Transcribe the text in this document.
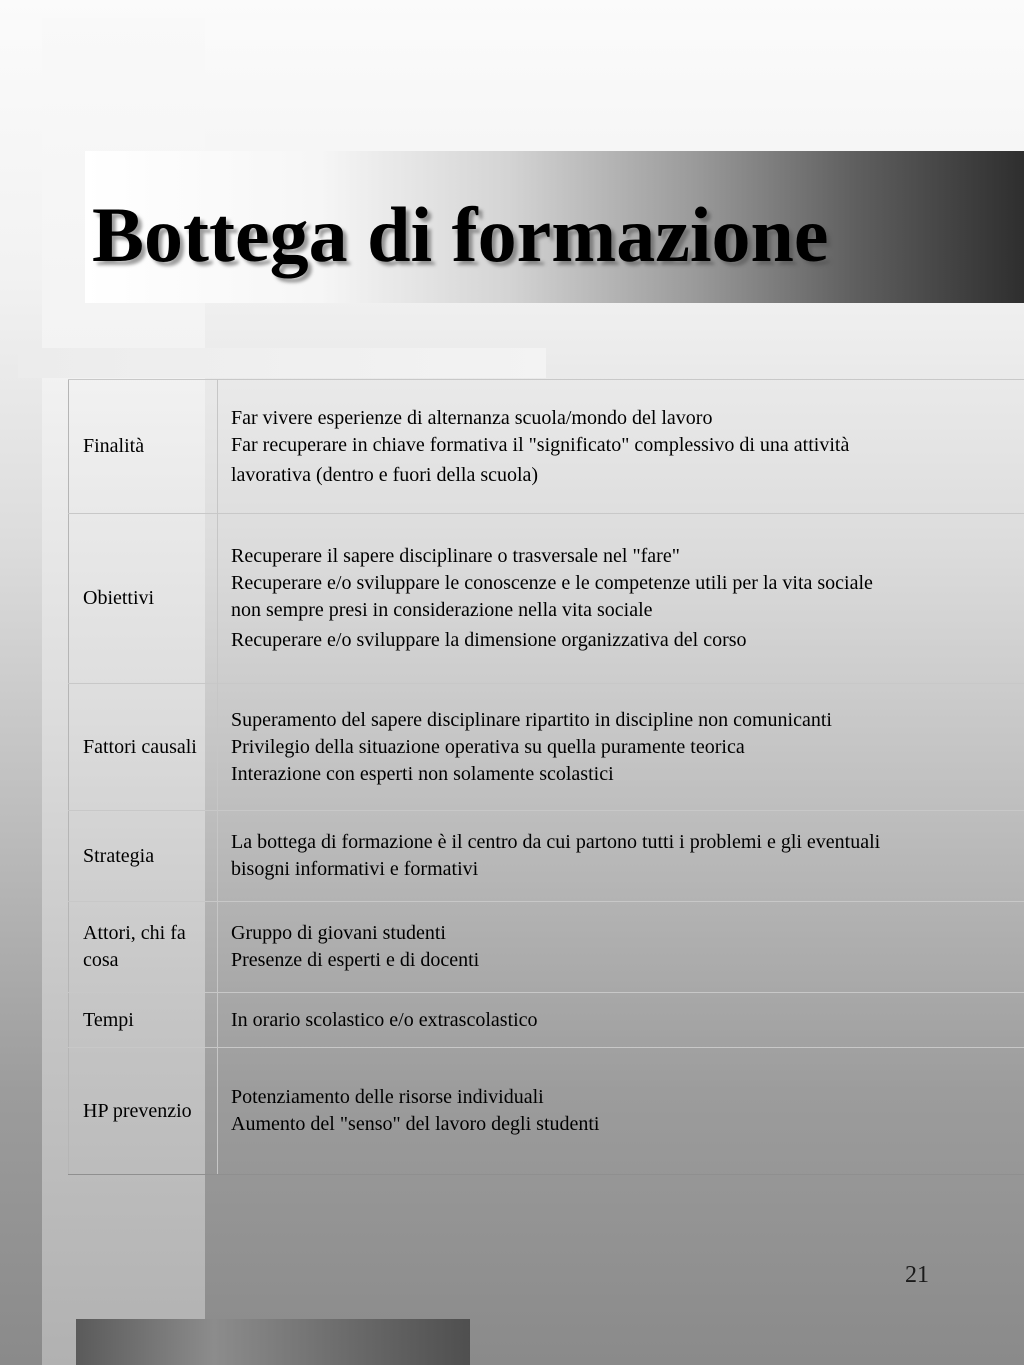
Bottega di formazione
Finalità	Far vivere esperienze di alternanza scuola/mondo del lavoro
Far recuperare in chiave formativa il "significato" complessivo di una attività
lavorativa (dentro e fuori della scuola)

Obiettivi	Recuperare il sapere disciplinare o trasversale nel "fare"
Recuperare e/o sviluppare le conoscenze e le competenze utili per la vita sociale
non sempre presi in considerazione nella vita sociale
Recuperare e/o sviluppare la dimensione organizzativa del corso

Fattori causali	Superamento del sapere disciplinare ripartito in discipline non comunicanti
Privilegio della situazione operativa su quella puramente teorica
Interazione con esperti non solamente scolastici

Strategia	La bottega di formazione è il centro da cui partono tutti i problemi e gli eventuali
bisogni informativi e formativi

Attori, chi fa cosa	Gruppo di giovani studenti
Presenze di esperti e di docenti

Tempi	In orario scolastico e/o extrascolastico

HP prevenzio	Potenziamento delle risorse individuali
Aumento del "senso" del lavoro degli studenti
21
